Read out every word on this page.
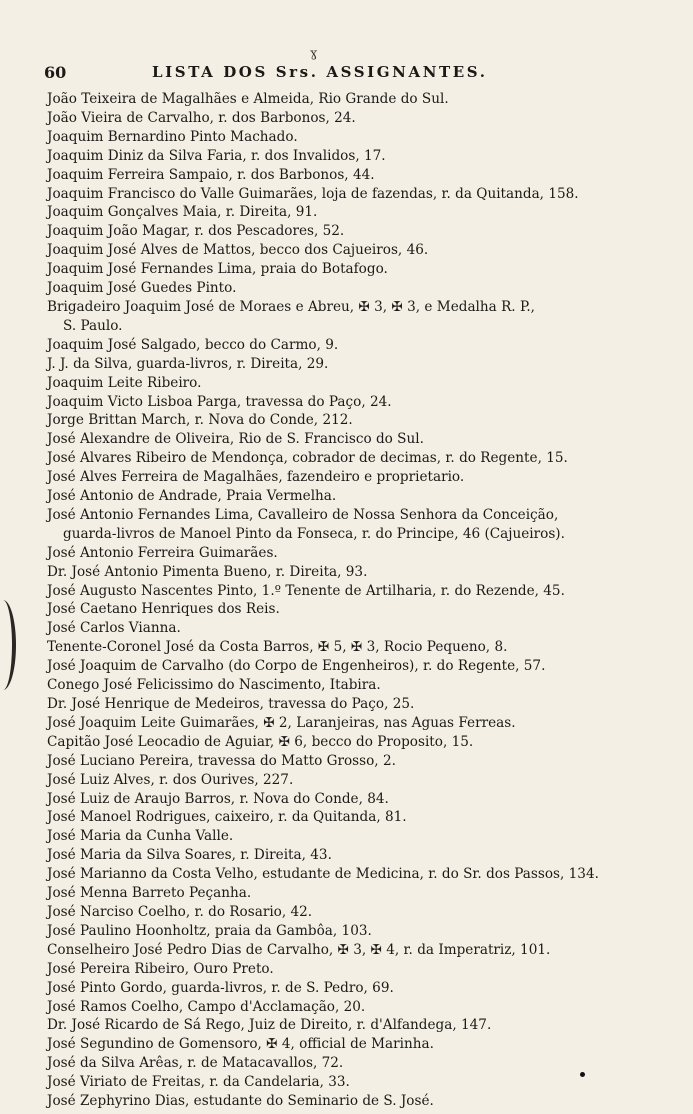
ɣ
60	LISTA DOS Srs. ASSIGNANTES.
João Teixeira de Magalhães e Almeida, Rio Grande do Sul.
João Vieira de Carvalho, r. dos Barbonos, 24.
Joaquim Bernardino Pinto Machado.
Joaquim Diniz da Silva Faria, r. dos Invalidos, 17.
Joaquim Ferreira Sampaio, r. dos Barbonos, 44.
Joaquim Francisco do Valle Guimarães, loja de fazendas, r. da Quitanda, 158.
Joaquim Gonçalves Maia, r. Direita, 91.
Joaquim João Magar, r. dos Pescadores, 52.
Joaquim José Alves de Mattos, becco dos Cajueiros, 46.
Joaquim José Fernandes Lima, praia do Botafogo.
Joaquim José Guedes Pinto.
Brigadeiro Joaquim José de Moraes e Abreu, ✠ 3, ✠ 3, e Medalha R. P.,
S. Paulo.
Joaquim José Salgado, becco do Carmo, 9.
J. J. da Silva, guarda-livros, r. Direita, 29.
Joaquim Leite Ribeiro.
Joaquim Victo Lisboa Parga, travessa do Paço, 24.
Jorge Brittan March, r. Nova do Conde, 212.
José Alexandre de Oliveira, Rio de S. Francisco do Sul.
José Alvares Ribeiro de Mendonça, cobrador de decimas, r. do Regente, 15.
José Alves Ferreira de Magalhães, fazendeiro e proprietario.
José Antonio de Andrade, Praia Vermelha.
José Antonio Fernandes Lima, Cavalleiro de Nossa Senhora da Conceição,
guarda-livros de Manoel Pinto da Fonseca, r. do Principe, 46 (Cajueiros).
José Antonio Ferreira Guimarães.
Dr. José Antonio Pimenta Bueno, r. Direita, 93.
José Augusto Nascentes Pinto, 1.º Tenente de Artilharia, r. do Rezende, 45.
José Caetano Henriques dos Reis.
José Carlos Vianna.
Tenente-Coronel José da Costa Barros, ✠ 5, ✠ 3, Rocio Pequeno, 8.
José Joaquim de Carvalho (do Corpo de Engenheiros), r. do Regente, 57.
Conego José Felicissimo do Nascimento, Itabira.
Dr. José Henrique de Medeiros, travessa do Paço, 25.
José Joaquim Leite Guimarães, ✠ 2, Laranjeiras, nas Aguas Ferreas.
Capitão José Leocadio de Aguiar, ✠ 6, becco do Proposito, 15.
José Luciano Pereira, travessa do Matto Grosso, 2.
José Luiz Alves, r. dos Ourives, 227.
José Luiz de Araujo Barros, r. Nova do Conde, 84.
José Manoel Rodrigues, caixeiro, r. da Quitanda, 81.
José Maria da Cunha Valle.
José Maria da Silva Soares, r. Direita, 43.
José Marianno da Costa Velho, estudante de Medicina, r. do Sr. dos Passos, 134.
José Menna Barreto Peçanha.
José Narciso Coelho, r. do Rosario, 42.
José Paulino Hoonholtz, praia da Gambôa, 103.
Conselheiro José Pedro Dias de Carvalho, ✠ 3, ✠ 4, r. da Imperatriz, 101.
José Pereira Ribeiro, Ouro Preto.
José Pinto Gordo, guarda-livros, r. de S. Pedro, 69.
José Ramos Coelho, Campo d'Acclamação, 20.
Dr. José Ricardo de Sá Rego, Juiz de Direito, r. d'Alfandega, 147.
José Segundino de Gomensoro, ✠ 4, official de Marinha.
José da Silva Arêas, r. de Matacavallos, 72.
José Viriato de Freitas, r. da Candelaria, 33.
José Zephyrino Dias, estudante do Seminario de S. José.
